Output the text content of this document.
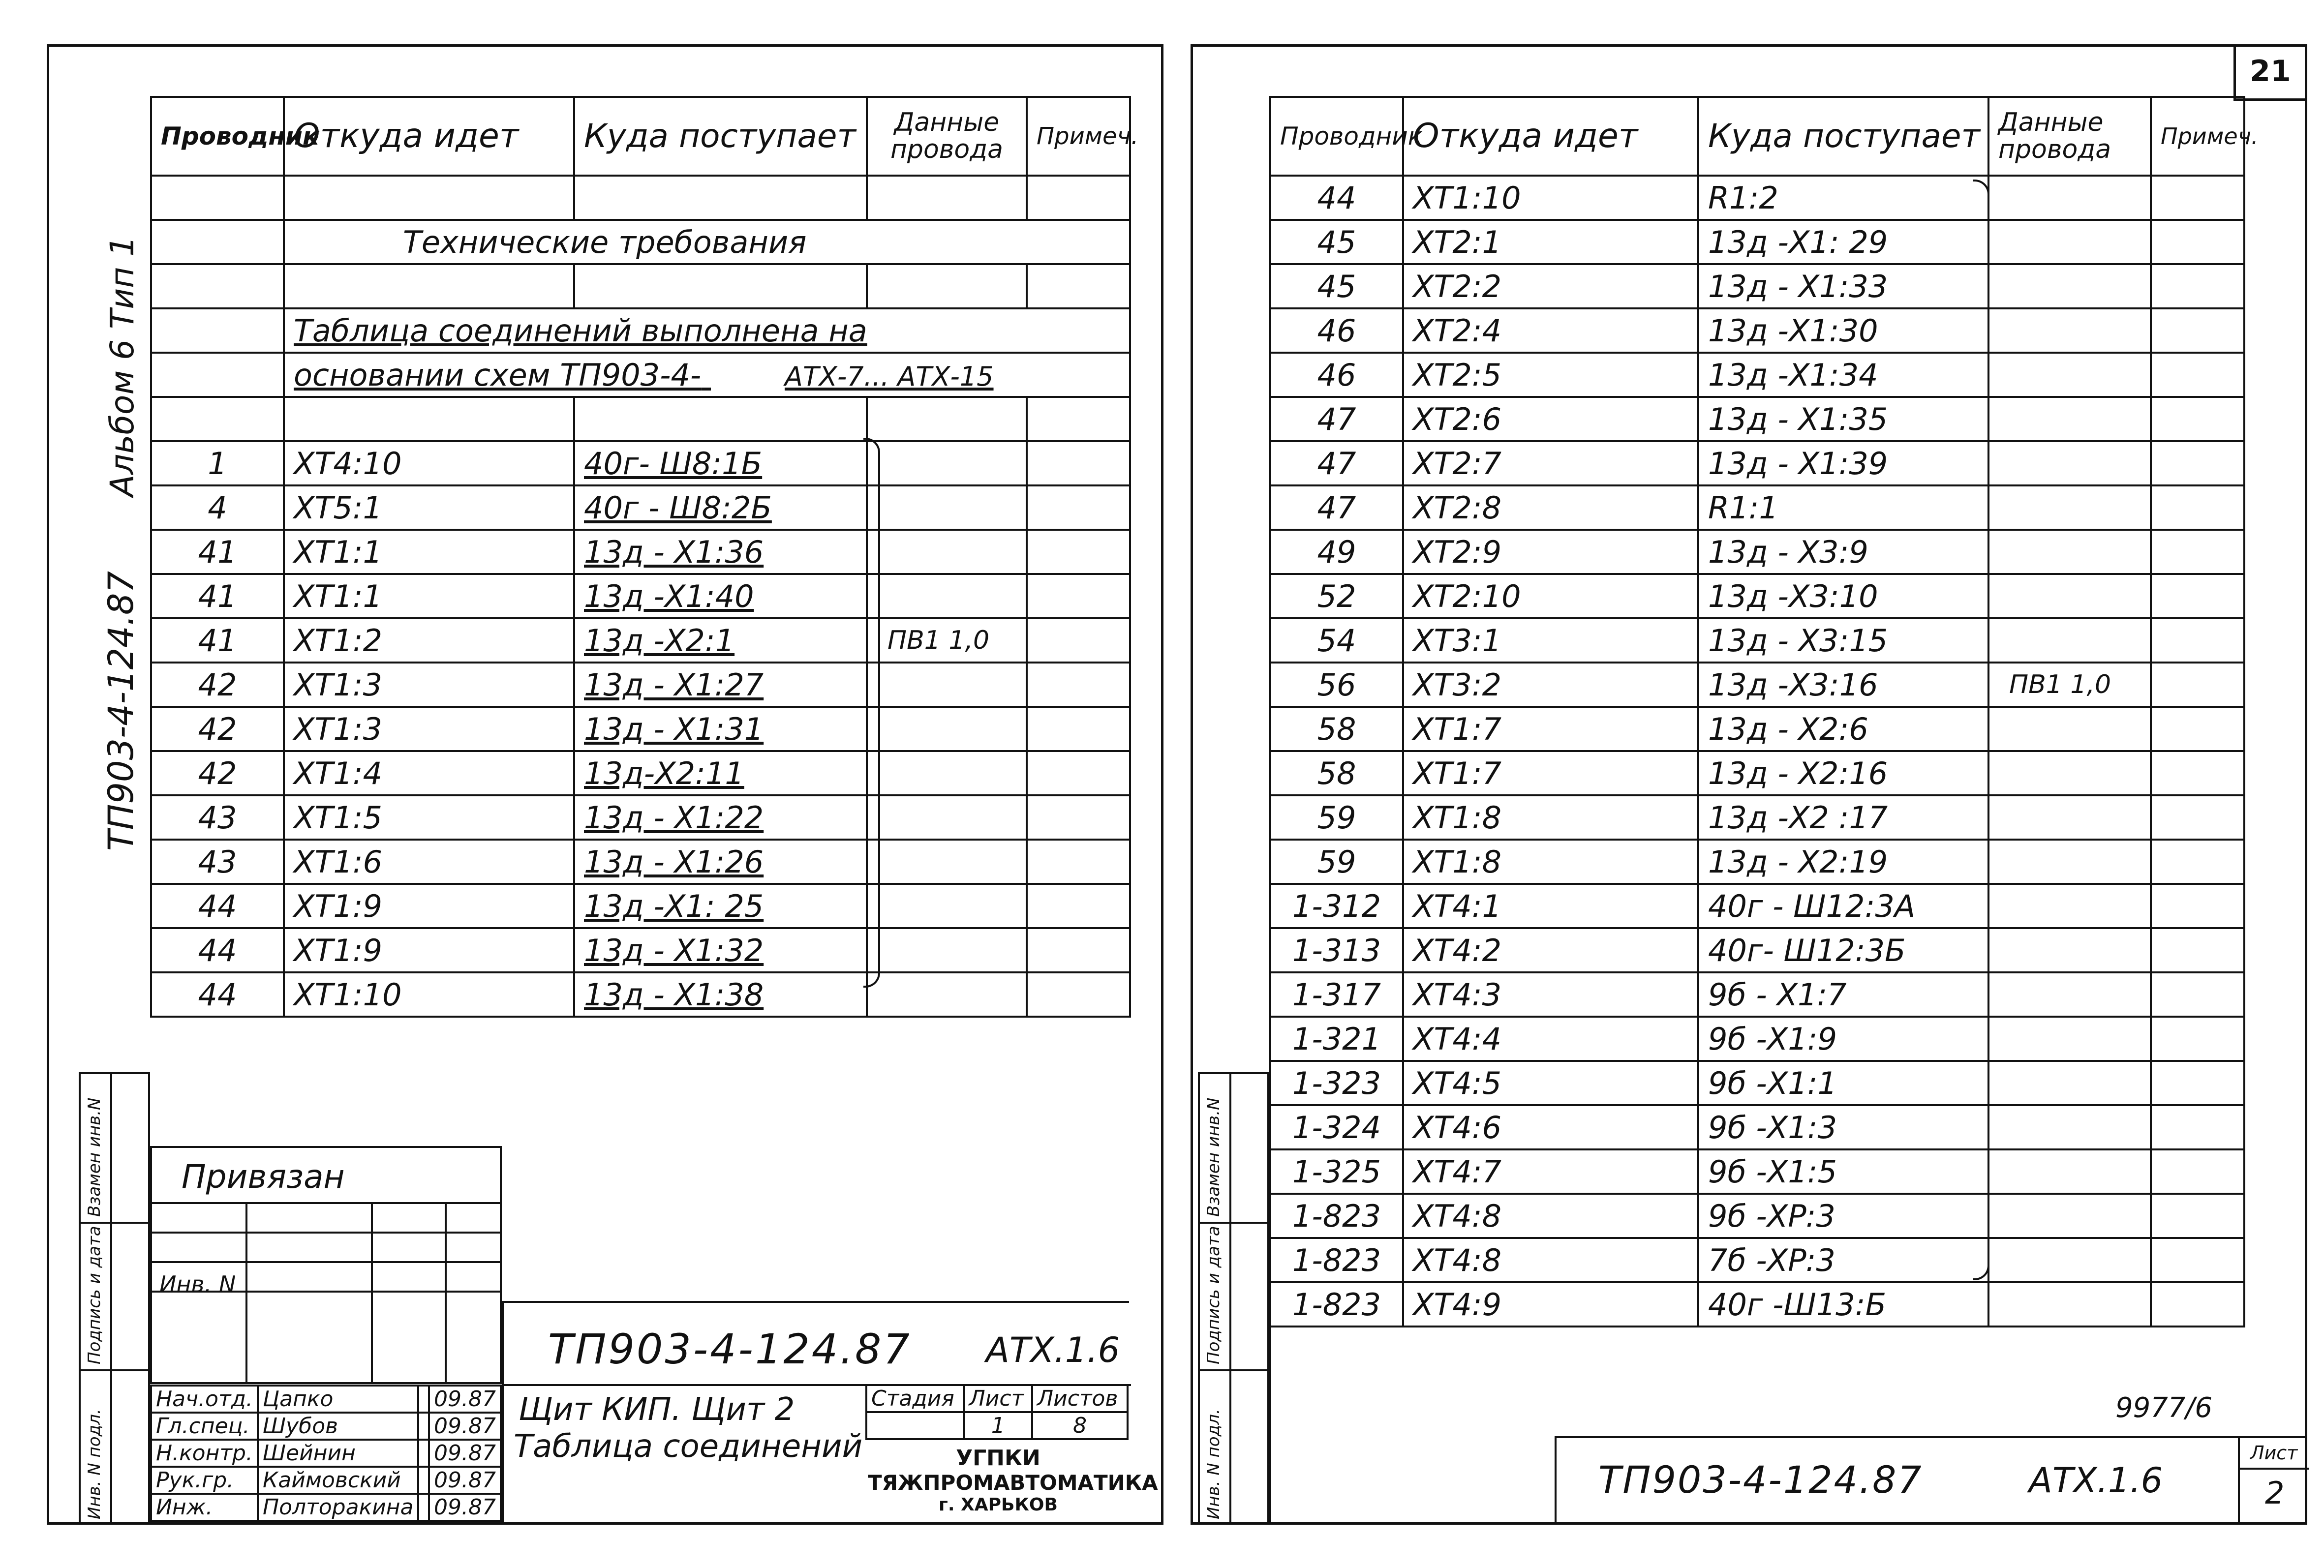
Альбом 6 Тип 1
ТП903-4-124.87
Проводник	Откуда идет	Куда поступает	Данные провода	Примеч.

	Технические требования			

	Таблица соединений выполнена на			
	основании схем ТП903-4- АТХ-7... АТХ-15			

1	XT4:10	40г- Ш8:1Б		
4	XT5:1	40г - Ш8:2Б		
41	XT1:1	13д - X1:36		
41	XT1:1	13д -X1:40		
41	XT1:2	13д -X2:1	ПВ1 1,0	
42	XT1:3	13д - X1:27		
42	XT1:3	13д - X1:31		
42	XT1:4	13д-X2:11		
43	XT1:5	13д - X1:22		
43	XT1:6	13д - X1:26		
44	XT1:9	13д -X1: 25		
44	XT1:9	13д - X1:32		
44	XT1:10	13д - X1:38		
Взамен инв.N
Подпись и дата
Инв. N подл.
Привязан
Инв. N
ТП903-4-124.87 АТХ.1.6
Щит КИП. Щит 2
Таблица соединений
Стадия	Лист	Листов
	1	8
УГПКИ
ТЯЖПРОМАВТОМАТИКА
г. ХАРЬКОВ
Нач.отд.	Цапко		09.87
Гл.спец.	Шубов		09.87
Н.контр.	Шейнин		09.87
Рук.гр.	Каймовский		09.87
Инж.	Полторакина		09.87
21
Проводник	Откуда идет	Куда поступает	Данные провода	Примеч.
44	XT1:10	R1:2		
45	XT2:1	13д -X1: 29		
45	XT2:2	13д - X1:33		
46	XT2:4	13д -X1:30		
46	XT2:5	13д -X1:34		
47	XT2:6	13д - X1:35		
47	XT2:7	13д - X1:39		
47	XT2:8	R1:1		
49	XT2:9	13д - X3:9		
52	XT2:10	13д -X3:10		
54	XT3:1	13д - X3:15		
56	XT3:2	13д -X3:16	ПВ1 1,0	
58	XT1:7	13д - X2:6		
58	XT1:7	13д - X2:16		
59	XT1:8	13д -X2 :17		
59	XT1:8	13д - X2:19		
1-312	XT4:1	40г - Ш12:3А		
1-313	XT4:2	40г- Ш12:3Б		
1-317	XT4:3	9б - X1:7		
1-321	XT4:4	9б -X1:9		
1-323	XT4:5	9б -X1:1		
1-324	XT4:6	9б -X1:3		
1-325	XT4:7	9б -X1:5		
1-823	XT4:8	9б -XP:3		
1-823	XT4:8	7б -XP:3		
1-823	XT4:9	40г -Ш13:Б		
Взамен инв.N
Подпись и дата
Инв. N подл.
9977/6
ТП903-4-124.87	АТХ.1.6
Лист
2
